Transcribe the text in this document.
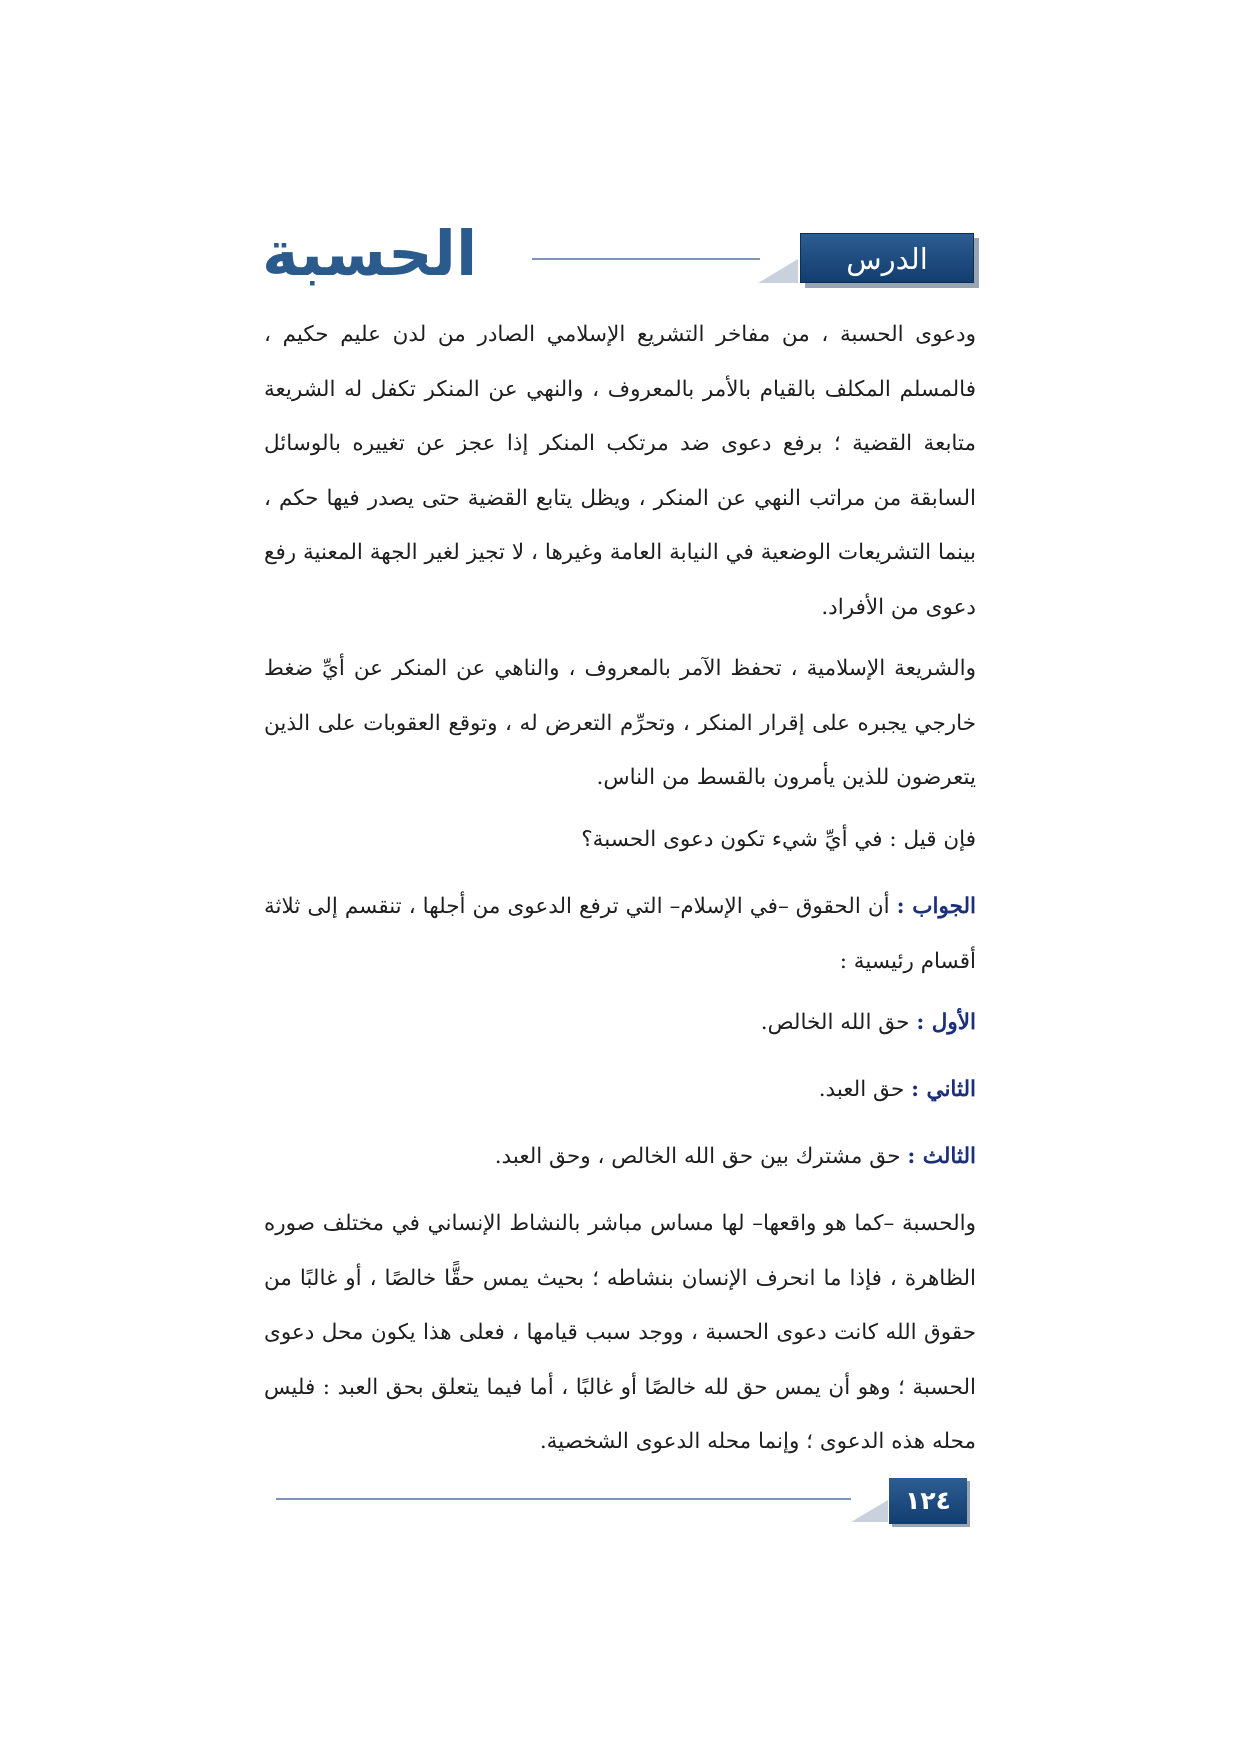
الدرس السادس
الحسبة

ودعوى الحسبة ، من مفاخر التشريع الإسلامي الصادر من لدن عليم حكيم ، فالمسلم المكلف بالقيام بالأمر بالمعروف ، والنهي عن المنكر تكفل له الشريعة متابعة القضية ؛ برفع دعوى ضد مرتكب المنكر إذا عجز عن تغييره بالوسائل السابقة من مراتب النهي عن المنكر ، ويظل يتابع القضية حتى يصدر فيها حكم ، بينما التشريعات الوضعية في النيابة العامة وغيرها ، لا تجيز لغير الجهة المعنية رفع دعوى من الأفراد.

والشريعة الإسلامية ، تحفظ الآمر بالمعروف ، والناهي عن المنكر عن أيِّ ضغط خارجي يجبره على إقرار المنكر ، وتحرِّم التعرض له ، وتوقع العقوبات على الذين يتعرضون للذين يأمرون بالقسط من الناس.

فإن قيل : في أيِّ شيء تكون دعوى الحسبة؟

الجواب : أن الحقوق –في الإسلام– التي ترفع الدعوى من أجلها ، تنقسم إلى ثلاثة أقسام رئيسية :

الأول : حق الله الخالص.

الثاني : حق العبد.

الثالث : حق مشترك بين حق الله الخالص ، وحق العبد.

والحسبة –كما هو واقعها– لها مساس مباشر بالنشاط الإنساني في مختلف صوره الظاهرة ، فإذا ما انحرف الإنسان بنشاطه ؛ بحيث يمس حقًّا خالصًا ، أو غالبًا من حقوق الله كانت دعوى الحسبة ، ووجد سبب قيامها ، فعلى هذا يكون محل دعوى الحسبة ؛ وهو أن يمس حق لله خالصًا أو غالبًا ، أما فيما يتعلق بحق العبد : فليس محله هذه الدعوى ؛ وإنما محله الدعوى الشخصية.

١٢٤
